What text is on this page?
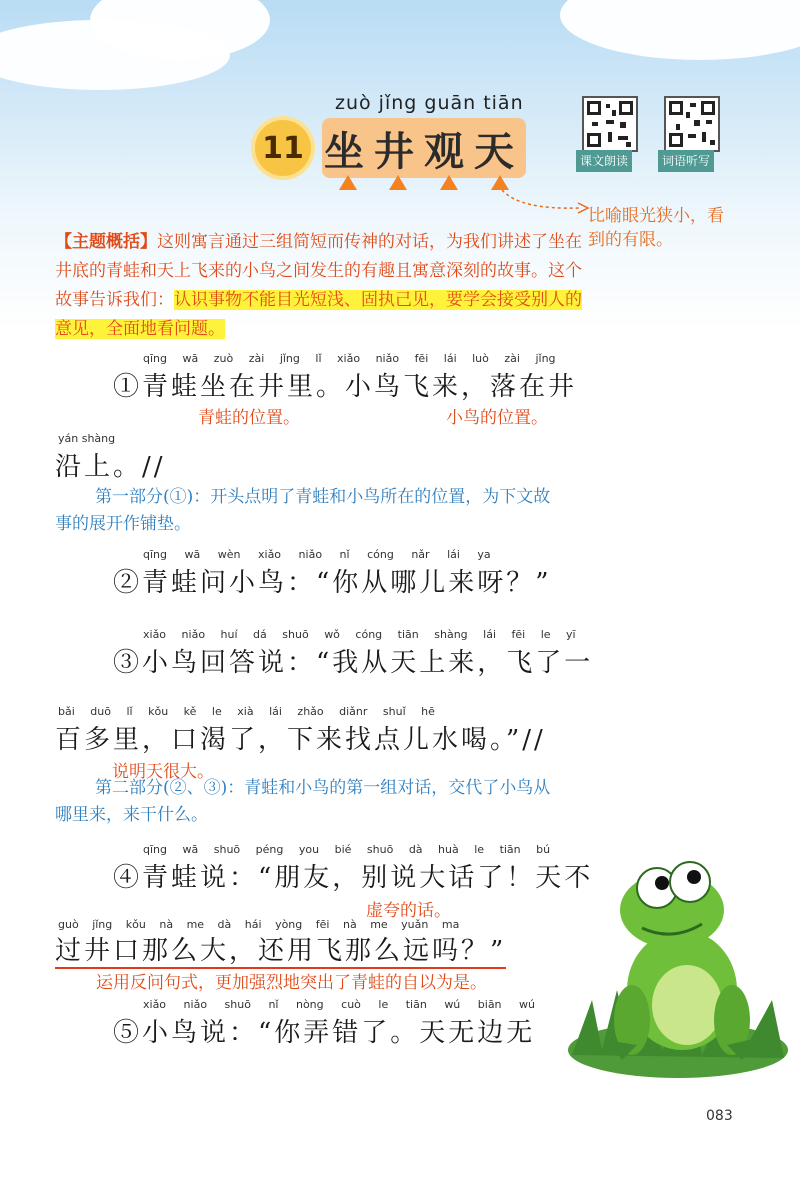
zuò jǐng guān tiān
11 坐井观天	课文朗读	词语听写
比喻眼光狭小，看到的有限。
【主题概括】这则寓言通过三组简短而传神的对话，为我们讲述了坐在井底的青蛙和天上飞来的小鸟之间发生的有趣且寓意深刻的故事。这个故事告诉我们：认识事物不能目光短浅、固执己见，要学会接受别人的意见，全面地看问题。
qīng wā zuò zài jǐng lǐ xiǎo niǎo fēi lái luò zài jǐng
①青蛙坐在井里。小鸟飞来，落在井
青蛙的位置。	小鸟的位置。
yán shàng
沿上。//
第一部分(①)：开头点明了青蛙和小鸟所在的位置，为下文故事的展开作铺垫。
qīng wā wèn xiǎo niǎo nǐ cóng nǎr lái ya
②青蛙问小鸟：“你从哪儿来呀？”
xiǎo niǎo huí dá shuō wǒ cóng tiān shàng lái fēi le yī
③小鸟回答说：“我从天上来，飞了一
bǎi duō lǐ kǒu kě le xià lái zhǎo diǎnr shuǐ hē
百多里，口渴了，下来找点儿水喝。”//
说明天很大。
第二部分(②、③)：青蛙和小鸟的第一组对话，交代了小鸟从哪里来，来干什么。
qīng wā shuō péng you bié shuō dà huà le tiān bú
④青蛙说：“朋友，别说大话了！天不
虚夸的话。
guò jǐng kǒu nà me dà hái yòng fēi nà me yuǎn ma
过井口那么大，还用飞那么远吗？”
运用反问句式，更加强烈地突出了青蛙的自以为是。
xiǎo niǎo shuō nǐ nòng cuò le tiān wú biān wú
⑤小鸟说：“你弄错了。天无边无
083
